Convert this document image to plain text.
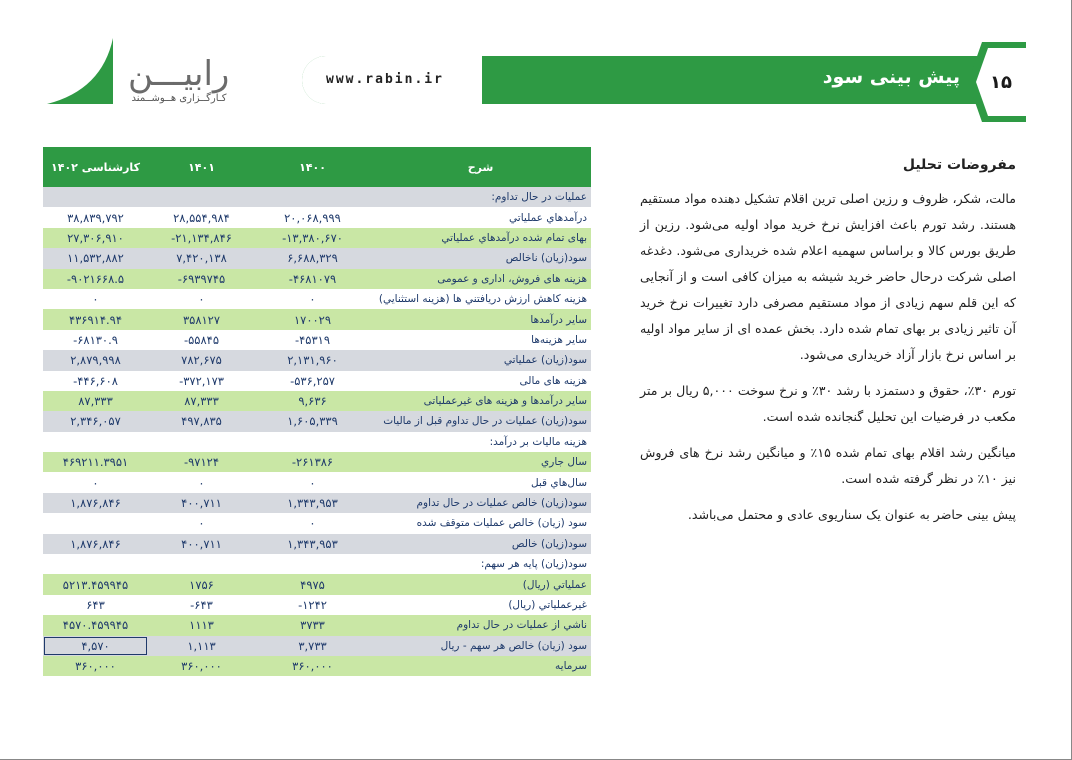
رابیـــن
کـارگــزاری هــوشــمند
www.rabin.ir	پیش بینی سود ۱۵
کارشناسی ۱۴۰۲	۱۴۰۱	۱۴۰۰	شرح
			عملیات در حال تداوم:
۳۸,۸۳۹,۷۹۲	۲۸,۵۵۴,۹۸۴	۲۰,۰۶۸,۹۹۹	درآمدهاي عملياتي
۲۷,۳۰۶,۹۱۰	-۲۱,۱۳۴,۸۴۶	-۱۳,۳۸۰,۶۷۰	بهاى تمام شده درآمدهاي عملياتي
۱۱,۵۳۲,۸۸۲	۷,۴۲۰,۱۳۸	۶,۶۸۸,۳۲۹	سود(زيان) ناخالص
-۹۰۲۱۶۶۸.۵	-۶۹۳۹۷۴۵	-۴۶۸۱۰۷۹	هزينه هاى فروش، ادارى و عمومى
۰	۰	۰	هزينه کاهش ارزش دريافتني ها (هزينه استثنايي)
۴۳۶۹۱۴.۹۴	۳۵۸۱۲۷	۱۷۰۰۲۹	ساير درآمدها
-۶۸۱۳۰.۹	-۵۵۸۴۵	-۴۵۳۱۹	ساير هزينه‌ها
۲,۸۷۹,۹۹۸	۷۸۲,۶۷۵	۲,۱۳۱,۹۶۰	سود(زيان) عملياتي
-۴۴۶,۶۰۸	-۳۷۲,۱۷۳	-۵۳۶,۲۵۷	هزينه هاى مالى
۸۷,۳۳۳	۸۷,۳۳۳	۹,۶۳۶	ساير درآمدها و هزينه هاى غيرعملياتى
۲,۳۴۶,۰۵۷	۴۹۷,۸۳۵	۱,۶۰۵,۳۳۹	سود(زيان) عمليات در حال تداوم قبل از ماليات
			هزينه ماليات بر درآمد:
۴۶۹۲۱۱.۳۹۵۱	-۹۷۱۲۴	-۲۶۱۳۸۶	سال جاري
۰	۰	۰	سال‌هاي قبل
۱,۸۷۶,۸۴۶	۴۰۰,۷۱۱	۱,۳۴۳,۹۵۳	سود(زيان) خالص عمليات در حال تداوم
	۰	۰	سود (زيان) خالص عمليات متوقف شده
۱,۸۷۶,۸۴۶	۴۰۰,۷۱۱	۱,۳۴۳,۹۵۳	سود(زيان) خالص
			سود(زيان) پايه هر سهم:
۵۲۱۳.۴۵۹۹۴۵	۱۷۵۶	۴۹۷۵	عملياتي (ريال)
۶۴۳	-۶۴۳	-۱۲۴۲	غيرعملياتي (ريال)
۴۵۷۰.۴۵۹۹۴۵	۱۱۱۳	۳۷۳۳	ناشي از عمليات در حال تداوم
۴,۵۷۰	۱,۱۱۳	۳,۷۳۳	سود (زيان) خالص هر سهم - ريال
۳۶۰,۰۰۰	۳۶۰,۰۰۰	۳۶۰,۰۰۰	سرمايه
مفروضات تحلیل

مالت، شکر، ظروف و رزین اصلی ترین اقلام تشکیل دهنده مواد مستقیم هستند. رشد تورم باعث افزایش نرخ خرید مواد اولیه می‌شود. رزین از طریق بورس کالا و براساس سهمیه اعلام شده خریداری می‌شود. دغدغه اصلی شرکت درحال حاضر خرید شیشه به میزان کافی است و از آنجایی که این قلم سهم زیادی از مواد مستقیم مصرفی دارد تغییرات نرخ خرید آن تاثیر زیادی بر بهای تمام شده دارد. بخش عمده ای از سایر مواد اولیه بر اساس نرخ بازار آزاد خریداری می‌شود.

تورم ۳۰٪، حقوق و دستمزد با رشد ۳۰٪ و نرخ سوخت ۵,۰۰۰ ریال بر متر مکعب در فرضیات این تحلیل گنجانده شده است.

میانگین رشد اقلام بهای تمام شده ۱۵٪ و میانگین رشد نرخ های فروش نیز ۱۰٪ در نظر گرفته شده است.

پیش بینی حاضر به عنوان یک سناریوی عادی و محتمل می‌باشد.
